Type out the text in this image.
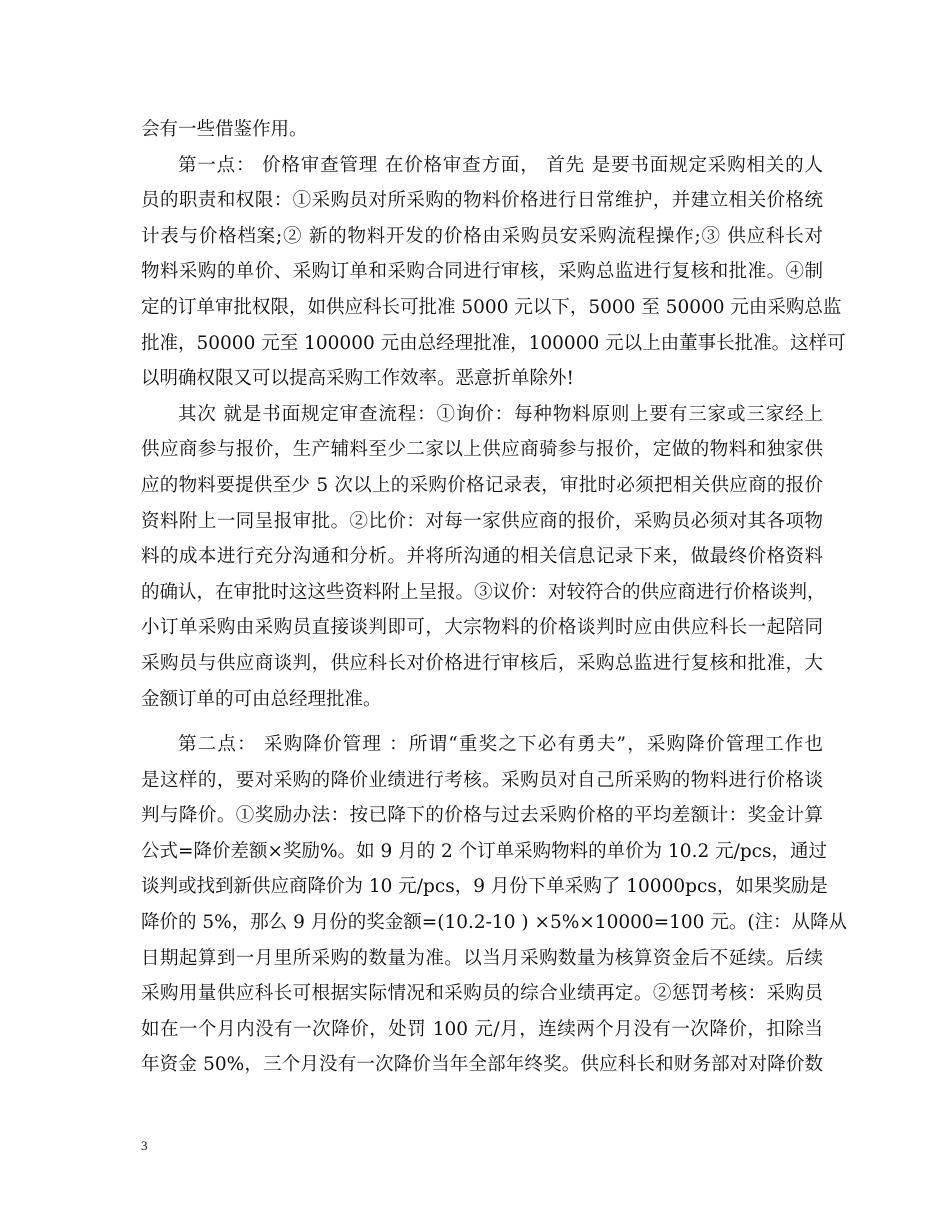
会有一些借鉴作用。
第一点： 价格审查管理 在价格审查方面， 首先 是要书面规定采购相关的人
员的职责和权限：①采购员对所采购的物料价格进行日常维护，并建立相关价格统
计表与价格档案;② 新的物料开发的价格由采购员安采购流程操作;③ 供应科长对
物料采购的单价、采购订单和采购合同进行审核，采购总监进行复核和批准。④制
定的订单审批权限，如供应科长可批准 5000 元以下，5000 至 50000 元由采购总监
批准，50000 元至 100000 元由总经理批准，100000 元以上由董事长批准。这样可
以明确权限又可以提高采购工作效率。恶意折单除外!
其次 就是书面规定审查流程：①询价：每种物料原则上要有三家或三家经上
供应商参与报价，生产辅料至少二家以上供应商骑参与报价，定做的物料和独家供
应的物料要提供至少 5 次以上的采购价格记录表，审批时必须把相关供应商的报价
资料附上一同呈报审批。②比价：对每一家供应商的报价，采购员必须对其各项物
料的成本进行充分沟通和分析。并将所沟通的相关信息记录下来，做最终价格资料
的确认，在审批时这这些资料附上呈报。③议价：对较符合的供应商进行价格谈判，
小订单采购由采购员直接谈判即可，大宗物料的价格谈判时应由供应科长一起陪同
采购员与供应商谈判，供应科长对价格进行审核后，采购总监进行复核和批准，大
金额订单的可由总经理批准。
第二点： 采购降价管理 ：所谓“重奖之下必有勇夫”，采购降价管理工作也
是这样的，要对采购的降价业绩进行考核。采购员对自己所采购的物料进行价格谈
判与降价。①奖励办法：按已降下的价格与过去采购价格的平均差额计：奖金计算
公式=降价差额×奖励%。如 9 月的 2 个订单采购物料的单价为 10.2 元/pcs，通过
谈判或找到新供应商降价为 10 元/pcs，9 月份下单采购了 10000pcs，如果奖励是
降价的 5%，那么 9 月份的奖金额=(10.2-10 ) ×5%×10000=100 元。(注：从降从
日期起算到一月里所采购的数量为准。以当月采购数量为核算资金后不延续。后续
采购用量供应科长可根据实际情况和采购员的综合业绩再定。②惩罚考核：采购员
如在一个月内没有一次降价，处罚 100 元/月，连续两个月没有一次降价，扣除当
年资金 50%，三个月没有一次降价当年全部年终奖。供应科长和财务部对对降价数
3
